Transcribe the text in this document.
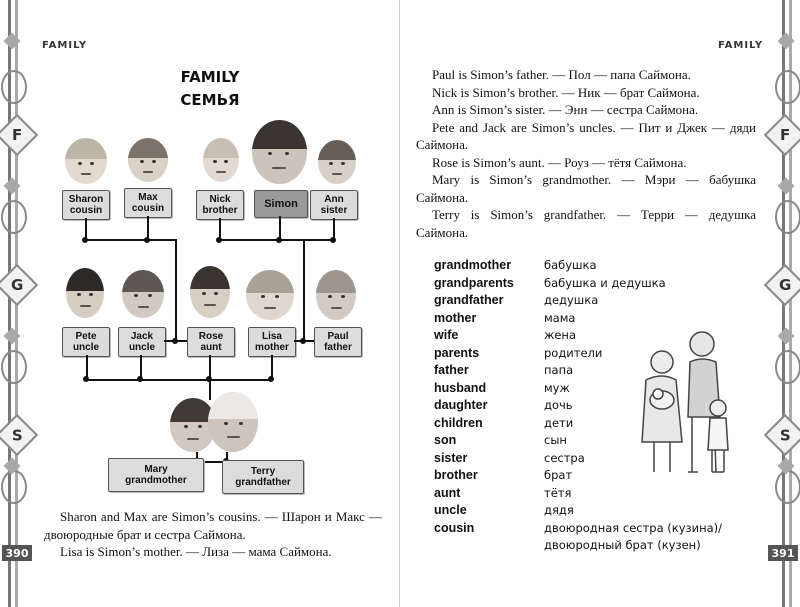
F
G
S
390
FAMILY
FAMILY
СЕМЬЯ
Sharon
cousin
Max
cousin
Nick
brother
Simon	Ann
sister
Pete
uncle
Jack
uncle
Rose
aunt
Lisa
mother
Paul
father
Mary
grandmother
Terry
grandfather

Sharon and Max are Simon’s cousins. — Шарон и Макс — двоюродные брат и сестра Саймона.

Lisa is Simon’s mother. — Лиза — мама Саймона.

F
G
S
391
FAMILY

Paul is Simon’s father. — Пол — папа Саймона.

Nick is Simon’s brother. — Ник — брат Саймона.

Ann is Simon’s sister. — Энн — сестра Саймона.

Pete and Jack are Simon’s uncles. — Пит и Джек — дяди Саймона.

Rose is Simon’s aunt. — Роуз — тётя Саймона.

Mary is Simon’s grandmother. — Мэри — бабушка Саймона.

Terry is Simon’s grandfather. — Терри — дедушка Саймона.

grandmother	бабушка
grandparents	бабушка и дедушка
grandfather	дедушка
mother	мама
wife	жена
parents	родители
father	папа
husband	муж
daughter	дочь
children	дети
son	сын
sister	сестра
brother	брат
aunt	тётя
uncle	дядя
cousin	двоюродная сестра (кузина)/
двоюродный брат (кузен)
